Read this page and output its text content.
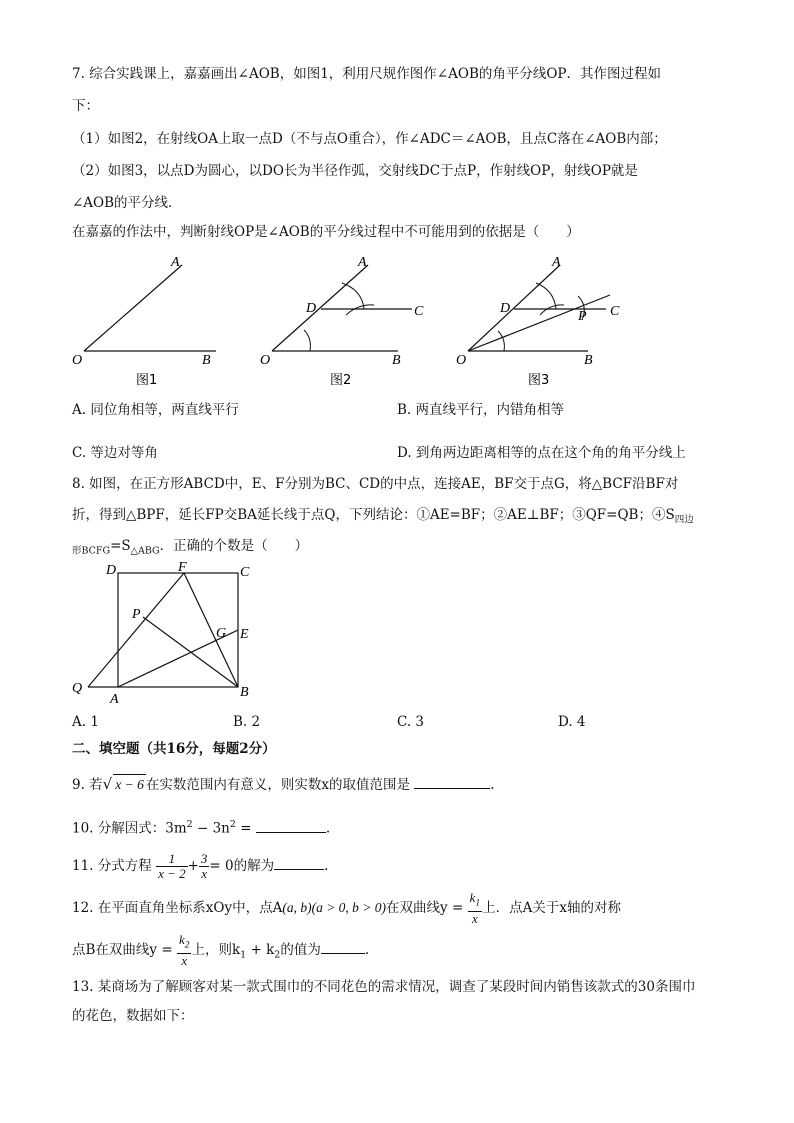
7. 综合实践课上，嘉嘉画出∠AOB，如图1，利用尺规作图作∠AOB的角平分线OP．其作图过程如
下：
（1）如图2，在射线OA上取一点D（不与点O重合），作∠ADC＝∠AOB，且点C落在∠AOB内部；
（2）如图3，以点D为圆心，以DO长为半径作弧，交射线DC于点P，作射线OP，射线OP就是
∠AOB的平分线．
在嘉嘉的作法中，判断射线OP是∠AOB的平分线过程中不可能用到的依据是（　　）
A
O	B
图1
A
D	C
O	B
图2
A
D	C
P
O	B
图3
A. 同位角相等，两直线平行	B. 两直线平行，内错角相等
C. 等边对等角	D. 到角两边距离相等的点在这个角的角平分线上
8. 如图，在正方形ABCD中，E、F分别为BC、CD的中点，连接AE，BF交于点G，将△BCF沿BF对
折，得到△BPF，延长FP交BA延长线于点Q，下列结论：①AE=BF；②AE⊥BF；③QF=QB；$④S_{四边}$
$_{形BCFG}=S_{\triangle ABG}$．正确的个数是（　　）
D	F	C
P
G E
Q
A	B
A. 1	B. 2	C. 3	D. 4
二、填空题（共16分，每题2分）
9. 若√ x − 6 在实数范围内有意义，则实数x的取值范围是	.
10. 分解因式：$3m^2 - 3n^2$ =	.
11. 分式方程 $\frac{1}{x - 2} + \frac{3}{x} = 0$的解为	.
12. 在平面直角坐标系xOy中，点A(a, b)(a > 0, b > 0)在双曲线$y = \frac{k_1}{x}$ 上．点A关于x轴的对称
点B在双曲线$y = \frac{k_2}{x}$ 上，则$k_1 + k_2$的值为	.
13. 某商场为了解顾客对某一款式围巾的不同花色的需求情况，调查了某段时间内销售该款式的30条围巾
的花色，数据如下：
